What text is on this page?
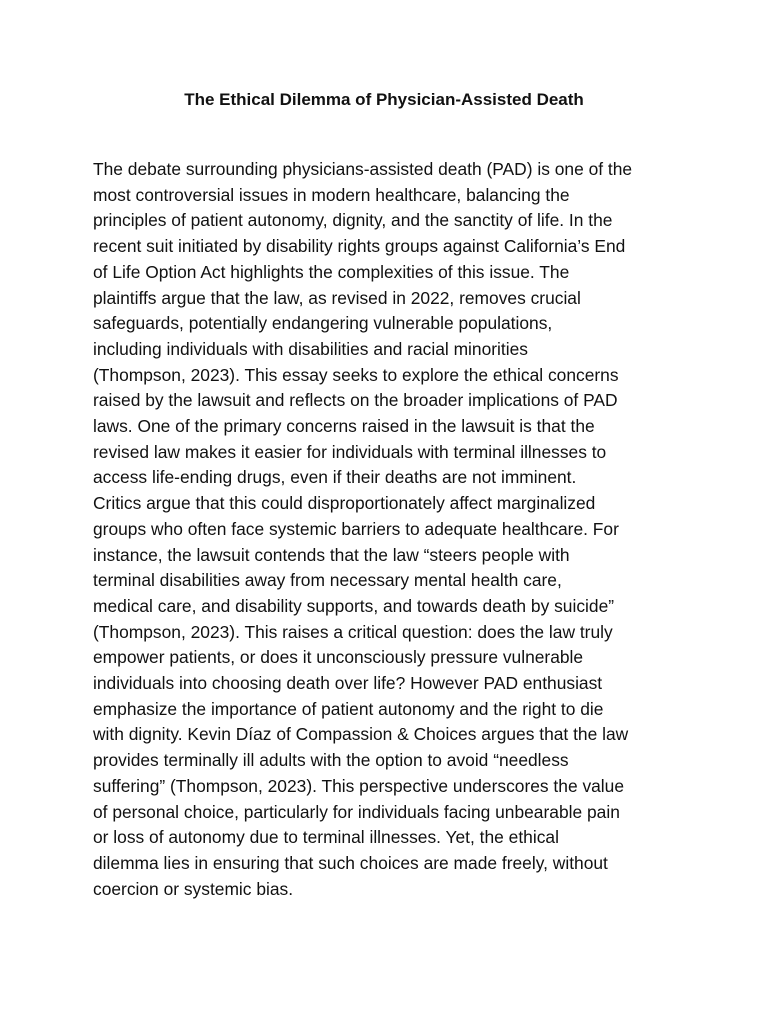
The Ethical Dilemma of Physician-Assisted Death
The debate surrounding physicians-assisted death (PAD) is one of the
most controversial issues in modern healthcare, balancing the
principles of patient autonomy, dignity, and the sanctity of life. In the
recent suit initiated by disability rights groups against California’s End
of Life Option Act highlights the complexities of this issue. The
plaintiffs argue that the law, as revised in 2022, removes crucial
safeguards, potentially endangering vulnerable populations,
including individuals with disabilities and racial minorities
(Thompson, 2023). This essay seeks to explore the ethical concerns
raised by the lawsuit and reflects on the broader implications of PAD
laws. One of the primary concerns raised in the lawsuit is that the
revised law makes it easier for individuals with terminal illnesses to
access life-ending drugs, even if their deaths are not imminent.
Critics argue that this could disproportionately affect marginalized
groups who often face systemic barriers to adequate healthcare. For
instance, the lawsuit contends that the law “steers people with
terminal disabilities away from necessary mental health care,
medical care, and disability supports, and towards death by suicide”
(Thompson, 2023). This raises a critical question: does the law truly
empower patients, or does it unconsciously pressure vulnerable
individuals into choosing death over life? However PAD enthusiast
emphasize the importance of patient autonomy and the right to die
with dignity. Kevin Díaz of Compassion & Choices argues that the law
provides terminally ill adults with the option to avoid “needless
suffering” (Thompson, 2023). This perspective underscores the value
of personal choice, particularly for individuals facing unbearable pain
or loss of autonomy due to terminal illnesses. Yet, the ethical
dilemma lies in ensuring that such choices are made freely, without
coercion or systemic bias.
